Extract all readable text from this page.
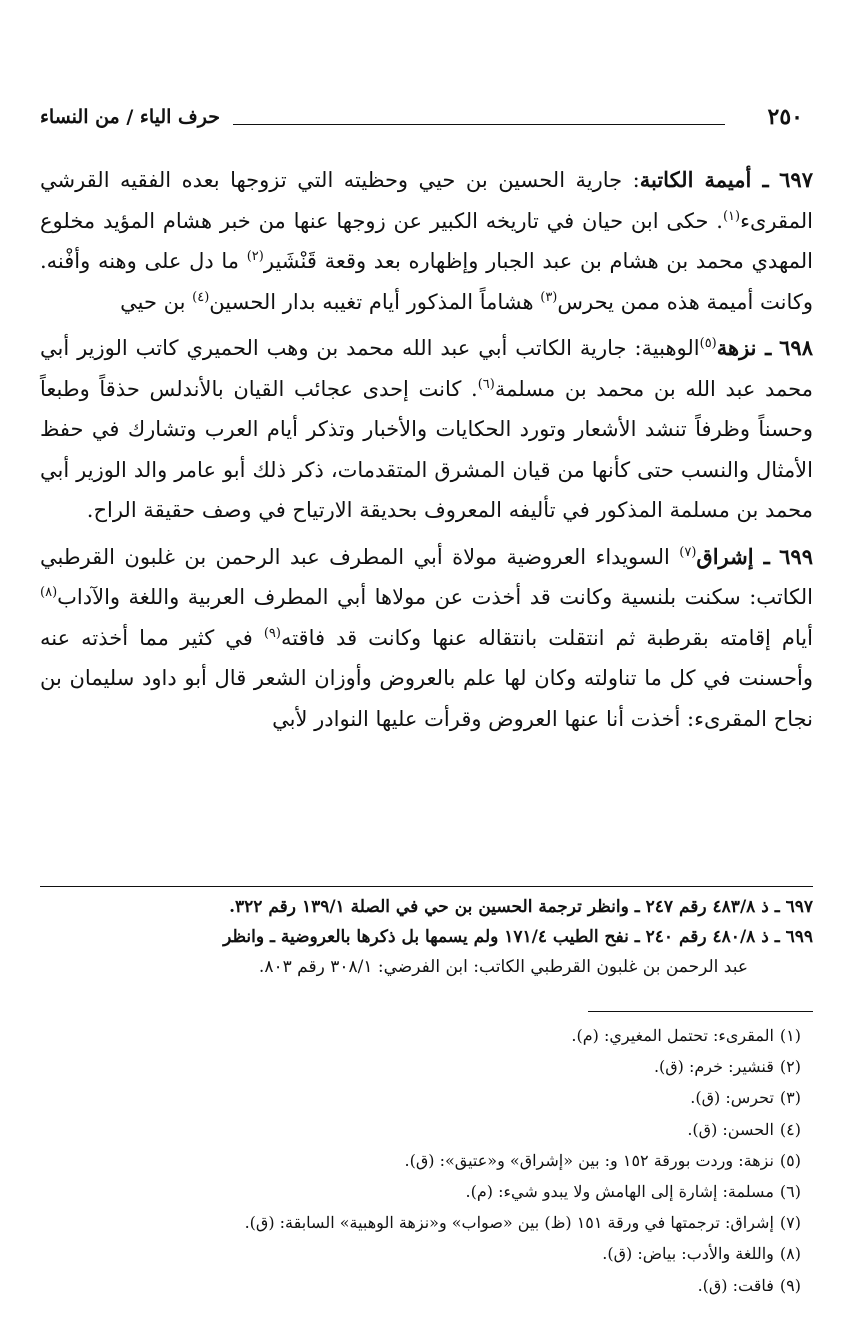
٢٥٠
حرف الياء / من النساء

٦٩٧ ـ أميمة الكاتبة: جارية الحسين بن حيي وحظيته التي تزوجها بعده الفقيه القرشي المقرىء$^{(١)}$. حكى ابن حيان في تاريخه الكبير عن زوجها عنها من خبر هشام المؤيد مخلوع المهدي محمد بن هشام بن عبد الجبار وإظهاره بعد وقعة قَنْشَير$^{(٢)}$ ما دل على وهنه وأفْنه. وكانت أميمة هذه ممن يحرس$^{(٣)}$ هشاماً المذكور أيام تغيبه بدار الحسين$^{(٤)}$ بن حيي

٦٩٨ ـ نزهة$^{(٥)}$الوهبية: جارية الكاتب أبي عبد الله محمد بن وهب الحميري كاتب الوزير أبي محمد عبد الله بن محمد بن مسلمة$^{(٦)}$. كانت إحدى عجائب القيان بالأندلس حذقاً وطبعاً وحسناً وظرفاً تنشد الأشعار وتورد الحكايات والأخبار وتذكر أيام العرب وتشارك في حفظ الأمثال والنسب حتى كأنها من قيان المشرق المتقدمات، ذكر ذلك أبو عامر والد الوزير أبي محمد بن مسلمة المذكور في تأليفه المعروف بحديقة الارتياح في وصف حقيقة الراح.

٦٩٩ ـ إشراق$^{(٧)}$ السويداء العروضية مولاة أبي المطرف عبد الرحمن بن غلبون القرطبي الكاتب: سكنت بلنسية وكانت قد أخذت عن مولاها أبي المطرف العربية واللغة والآداب$^{(٨)}$ أيام إقامته بقرطبة ثم انتقلت بانتقاله عنها وكانت قد فاقته$^{(٩)}$ في كثير مما أخذته عنه وأحسنت في كل ما تناولته وكان لها علم بالعروض وأوزان الشعر قال أبو داود سليمان بن نجاح المقرىء: أخذت أنا عنها العروض وقرأت عليها النوادر لأبي

٦٩٧ ـ ذ ٤٨٣/٨ رقم ٢٤٧ ـ وانظر ترجمة الحسين بن حي في الصلة ١٣٩/١ رقم ٣٢٢.

٦٩٩ ـ ذ ٤٨٠/٨ رقم ٢٤٠ ـ نفح الطيب ١٧١/٤ ولم يسمها بل ذكرها بالعروضية ـ وانظر

عبد الرحمن بن غلبون القرطبي الكاتب: ابن الفرضي: ٣٠٨/١ رقم ٨٠٣.

(١)المقرىء: تحتمل المغيري: (م).

(٢)قنشير: خرم: (ق).

(٣)تحرس: (ق).

(٤)الحسن: (ق).

(٥)نزهة: وردت بورقة ١٥٢ و: بين «إشراق» و«عتيق»: (ق).

(٦)مسلمة: إشارة إلى الهامش ولا يبدو شيء: (م).

(٧)إشراق: ترجمتها في ورقة ١٥١ (ظ) بين «صواب» و«نزهة الوهبية» السابقة: (ق).

(٨)واللغة والأدب: بياض: (ق).

(٩)فاقت: (ق).
